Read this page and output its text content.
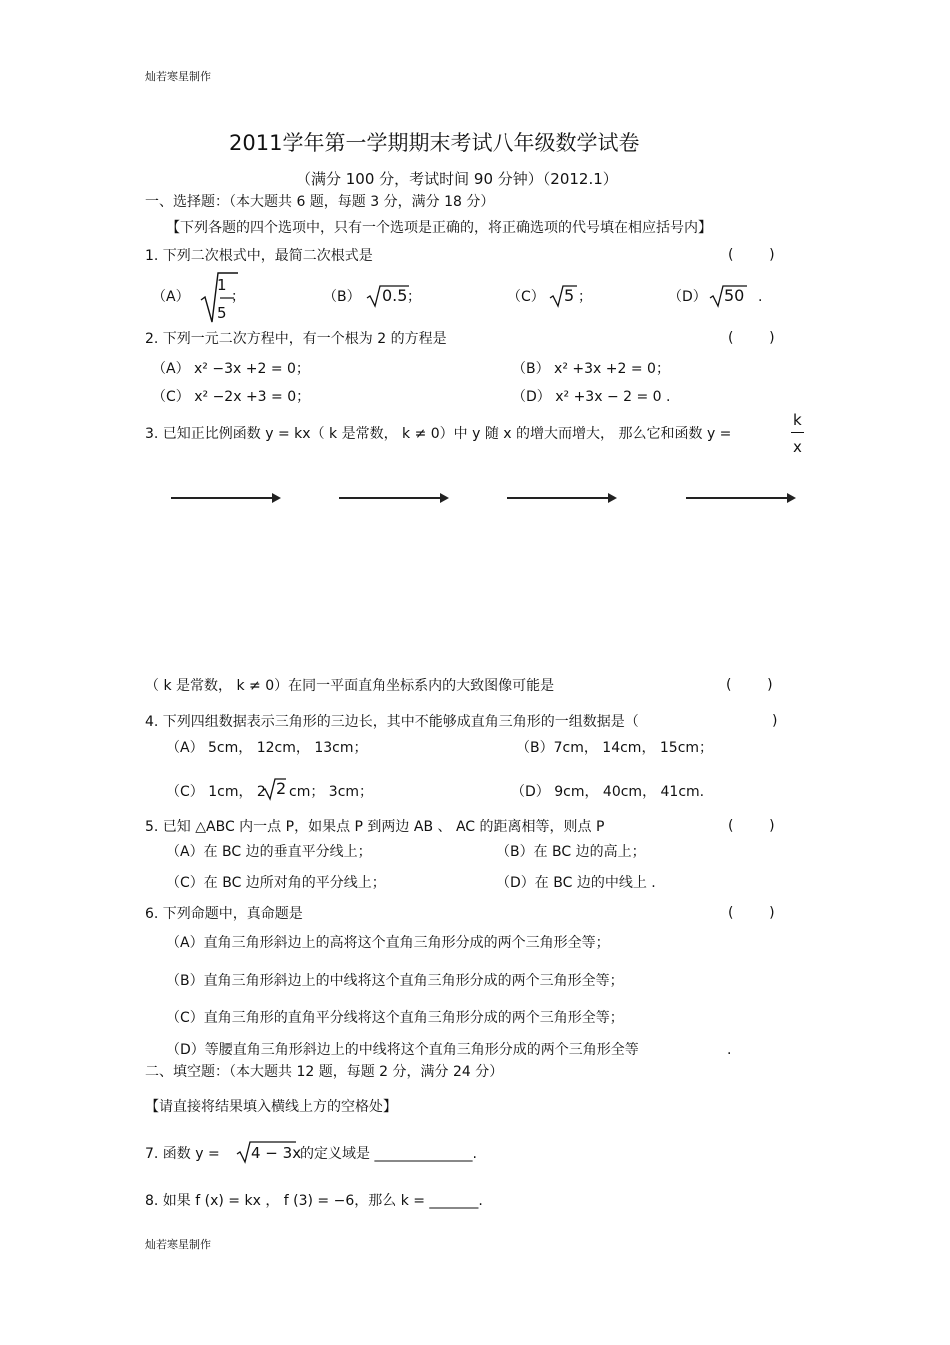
灿若寒星制作
2011学年第一学期期末考试八年级数学试卷
（满分 100 分，考试时间 90 分钟）（2012.1）
一、选择题：（本大题共 6 题，每题 3 分，满分 18 分）
【下列各题的四个选项中，只有一个选项是正确的，将正确选项的代号填在相应括号内】
1. 下列二次根式中，最简二次根式是	(        )
（A）
1
5
；	（B） 0.5 ；	（C） 5 ；	（D） 50 .
2. 下列一元二次方程中，有一个根为 2 的方程是	(        )
（A） x² −3x +2 = 0；	（B） x² +3x +2 = 0；
（C） x² −2x +3 = 0；	（D） x² +3x − 2 = 0 .
3. 已知正比例函数 y = kx（ k 是常数， k ≠ 0）中 y 随 x 的增大而增大， 那么它和函数 y =
k
x
（ k 是常数， k ≠ 0）在同一平面直角坐标系内的大致图像可能是	(        )
4. 下列四组数据表示三角形的三边长，其中不能够成直角三角形的一组数据是（	)
（A） 5cm， 12cm， 13cm；	（B）7cm， 14cm， 15cm；
（C） 1cm， 2 2 cm； 3cm；	（D） 9cm， 40cm， 41cm.
5. 已知 △ABC 内一点 P，如果点 P 到两边 AB 、 AC 的距离相等，则点 P	(        )
（A）在 BC 边的垂直平分线上；	（B）在 BC 边的高上；
（C）在 BC 边所对角的平分线上；	（D）在 BC 边的中线上 .
6. 下列命题中，真命题是	(        )
（A）直角三角形斜边上的高将这个直角三角形分成的两个三角形全等；
（B）直角三角形斜边上的中线将这个直角三角形分成的两个三角形全等；
（C）直角三角形的直角平分线将这个直角三角形分成的两个三角形全等；
（D）等腰直角三角形斜边上的中线将这个直角三角形分成的两个三角形全等	.
二、填空题：（本大题共 12 题，每题 2 分，满分 24 分）
【请直接将结果填入横线上方的空格处】
7. 函数 y = 4 − 3x
的定义域是 ______________.
8. 如果 f (x) = kx ， f (3) = −6，那么 k = _______.
灿若寒星制作
